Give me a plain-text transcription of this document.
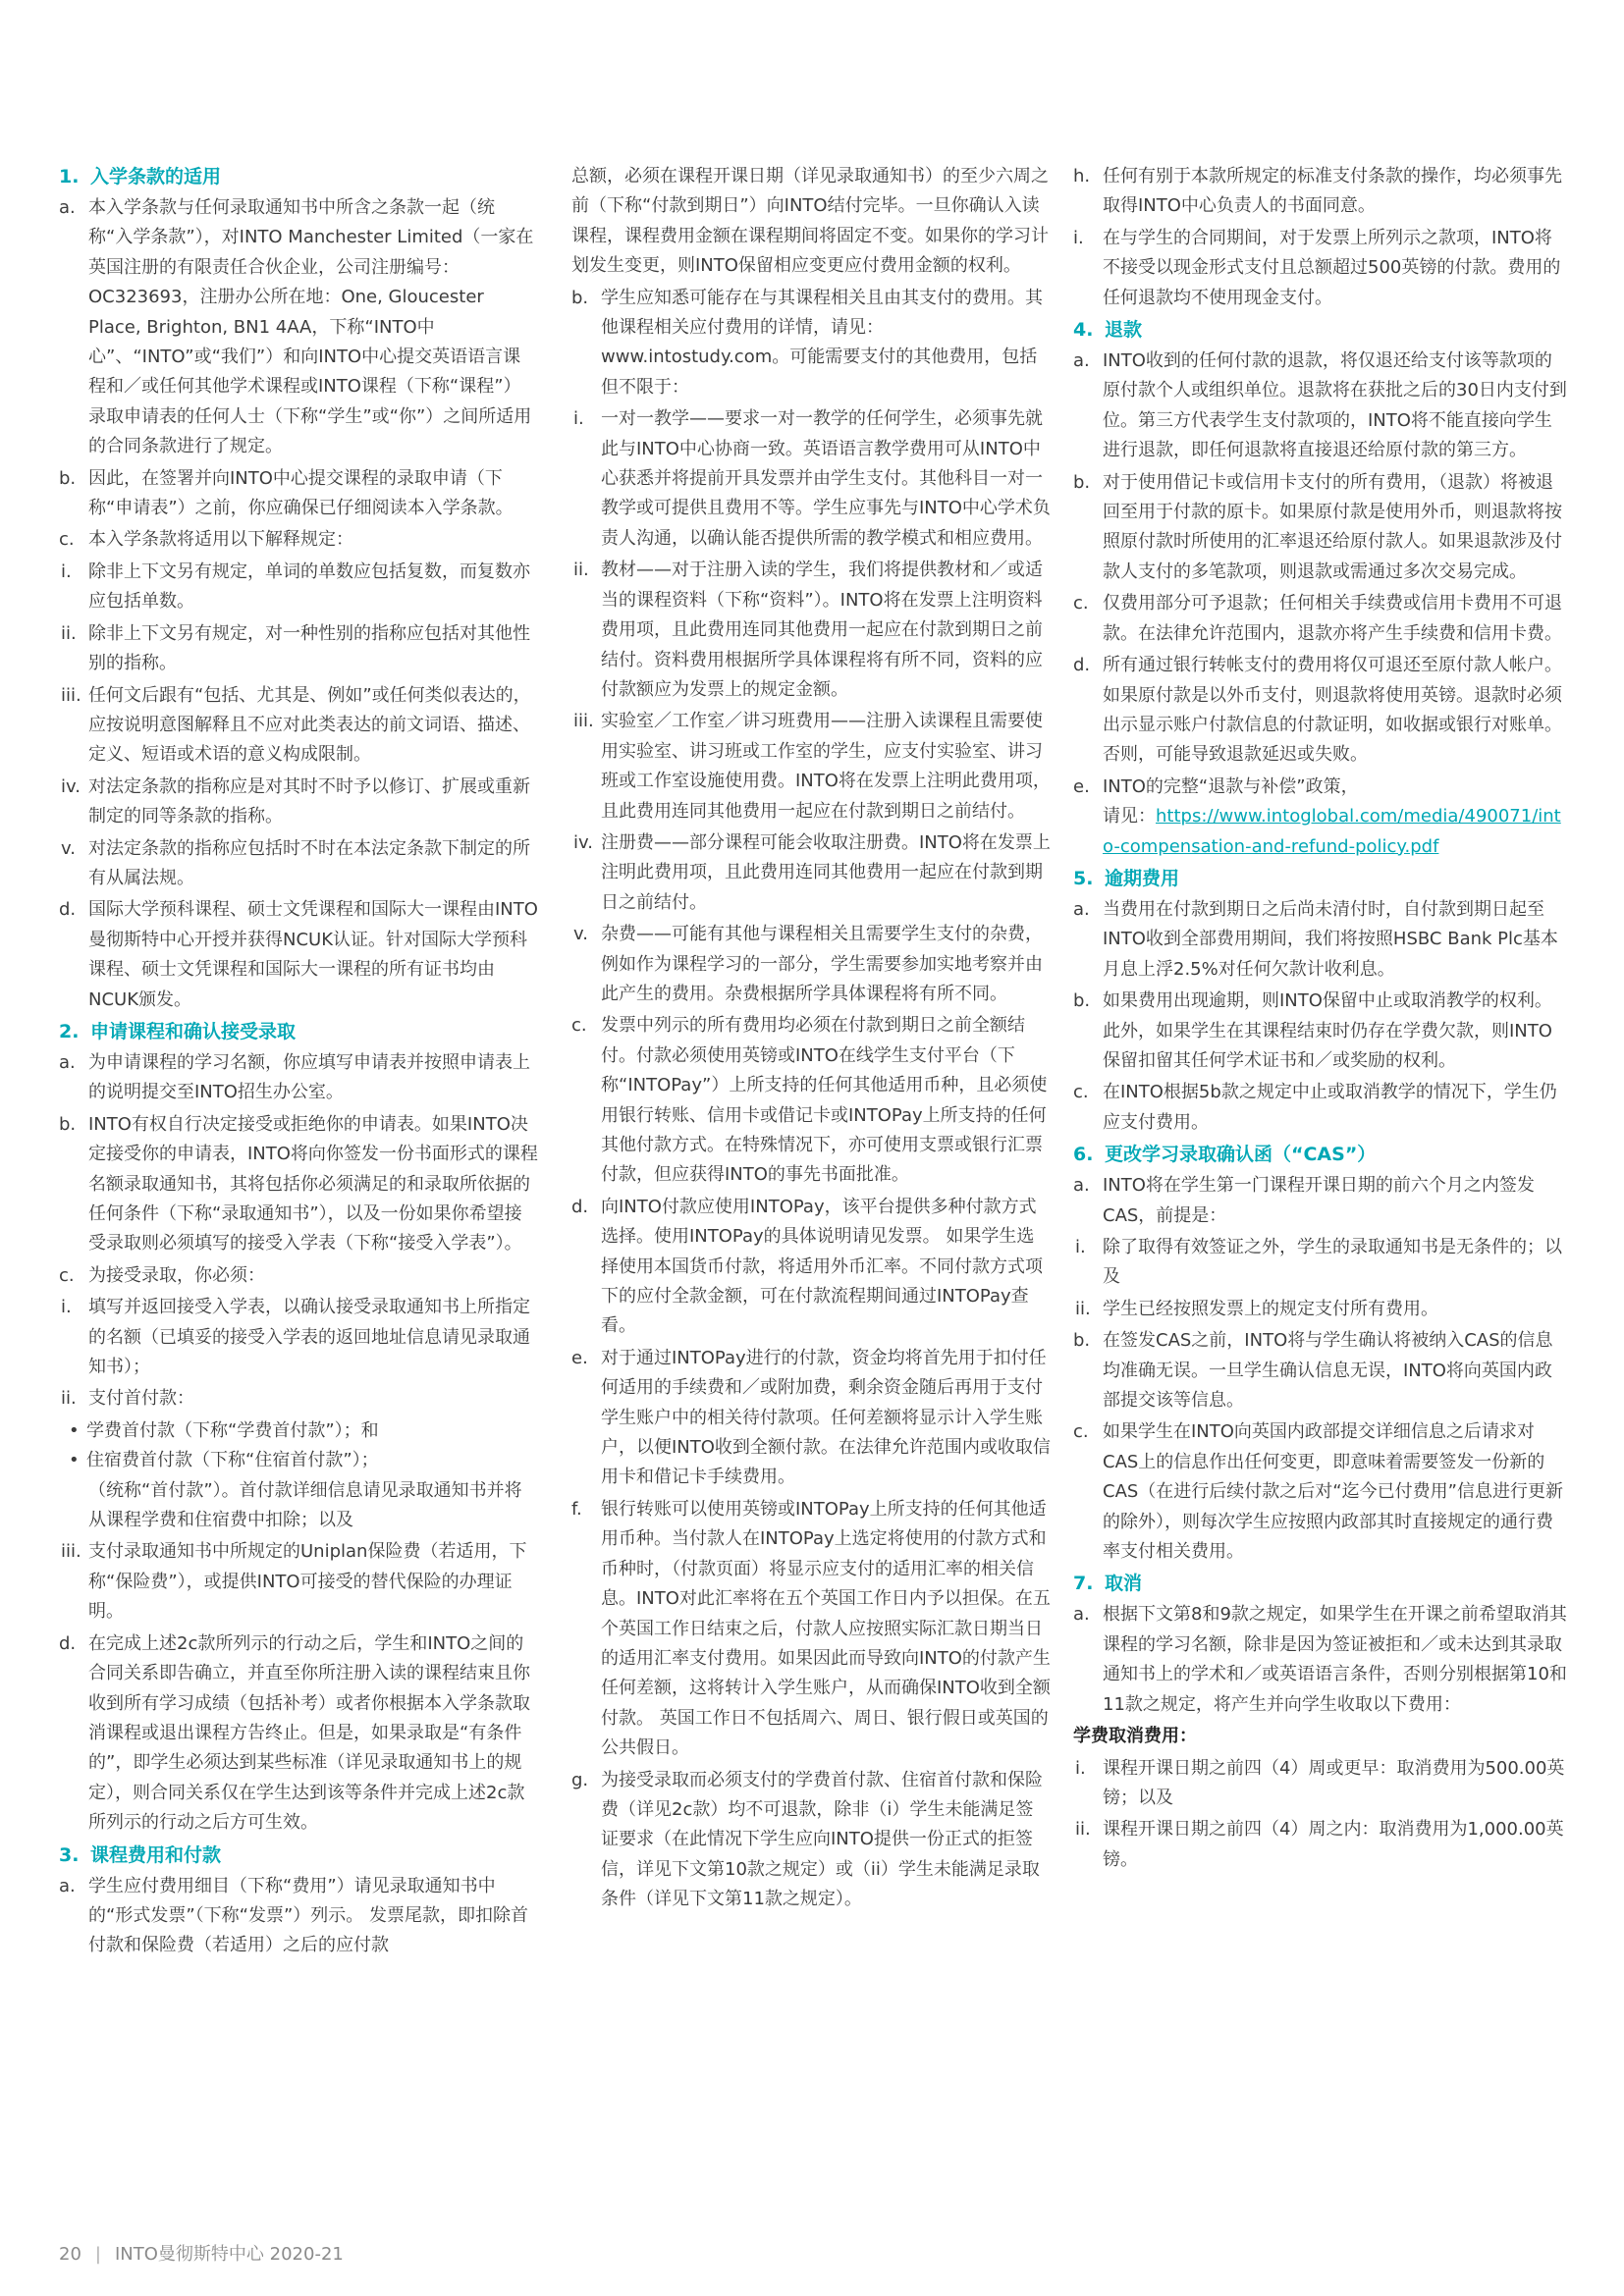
1. 入学条款的适用
a. 本入学条款与任何录取通知书中所含之条款一起（统称“入学条款”），对INTO Manchester Limited（一家在英国注册的有限责任合伙企业，公司注册编号：OC323693，注册办公所在地：One, Gloucester Place, Brighton, BN1 4AA，下称“INTO中心”、“INTO”或“我们”）和向INTO中心提交英语语言课程和／或任何其他学术课程或INTO课程（下称“课程”）录取申请表的任何人士（下称“学生”或“你”）之间所适用的合同条款进行了规定。
b. 因此，在签署并向INTO中心提交课程的录取申请（下称“申请表”）之前，你应确保已仔细阅读本入学条款。
c. 本入学条款将适用以下解释规定：
i. 除非上下文另有规定，单词的单数应包括复数，而复数亦应包括单数。
ii. 除非上下文另有规定，对一种性别的指称应包括对其他性别的指称。
iii. 任何文后跟有“包括、尤其是、例如”或任何类似表达的，应按说明意图解释且不应对此类表达的前文词语、描述、定义、短语或术语的意义构成限制。
iv. 对法定条款的指称应是对其时不时予以修订、扩展或重新制定的同等条款的指称。
v. 对法定条款的指称应包括时不时在本法定条款下制定的所有从属法规。
d. 国际大学预科课程、硕士文凭课程和国际大一课程由INTO曼彻斯特中心开授并获得NCUK认证。针对国际大学预科课程、硕士文凭课程和国际大一课程的所有证书均由NCUK颁发。
2. 申请课程和确认接受录取
a. 为申请课程的学习名额，你应填写申请表并按照申请表上的说明提交至INTO招生办公室。
b. INTO有权自行决定接受或拒绝你的申请表。如果INTO决定接受你的申请表，INTO将向你签发一份书面形式的课程名额录取通知书，其将包括你必须满足的和录取所依据的任何条件（下称“录取通知书”），以及一份如果你希望接受录取则必须填写的接受入学表（下称“接受入学表”）。
c. 为接受录取，你必须：
i. 填写并返回接受入学表，以确认接受录取通知书上所指定的名额（已填妥的接受入学表的返回地址信息请见录取通知书）；
ii. 支付首付款：
• 学费首付款（下称“学费首付款”）；和
• 住宿费首付款（下称“住宿首付款”）；
（统称“首付款”）。首付款详细信息请见录取通知书并将从课程学费和住宿费中扣除；以及
iii. 支付录取通知书中所规定的Uniplan保险费（若适用，下称“保险费”），或提供INTO可接受的替代保险的办理证明。
d. 在完成上述2c款所列示的行动之后，学生和INTO之间的合同关系即告确立，并直至你所注册入读的课程结束且你收到所有学习成绩（包括补考）或者你根据本入学条款取消课程或退出课程方告终止。但是，如果录取是“有条件的”，即学生必须达到某些标准（详见录取通知书上的规定），则合同关系仅在学生达到该等条件并完成上述2c款所列示的行动之后方可生效。
3. 课程费用和付款
a. 学生应付费用细目（下称“费用”）请见录取通知书中的“形式发票”（下称“发票”）列示。 发票尾款，即扣除首付款和保险费（若适用）之后的应付款
总额，必须在课程开课日期（详见录取通知书）的至少六周之前（下称“付款到期日”）向INTO结付完毕。一旦你确认入读课程，课程费用金额在课程期间将固定不变。如果你的学习计划发生变更，则INTO保留相应变更应付费用金额的权利。
b. 学生应知悉可能存在与其课程相关且由其支付的费用。其他课程相关应付费用的详情，请见：www.intostudy.com。可能需要支付的其他费用，包括但不限于：
i. 一对一教学——要求一对一教学的任何学生，必须事先就此与INTO中心协商一致。英语语言教学费用可从INTO中心获悉并将提前开具发票并由学生支付。其他科目一对一教学或可提供且费用不等。学生应事先与INTO中心学术负责人沟通，以确认能否提供所需的教学模式和相应费用。
ii. 教材——对于注册入读的学生，我们将提供教材和／或适当的课程资料（下称“资料”）。INTO将在发票上注明资料费用项，且此费用连同其他费用一起应在付款到期日之前结付。资料费用根据所学具体课程将有所不同，资料的应付款额应为发票上的规定金额。
iii. 实验室／工作室／讲习班费用——注册入读课程且需要使用实验室、讲习班或工作室的学生，应支付实验室、讲习班或工作室设施使用费。INTO将在发票上注明此费用项，且此费用连同其他费用一起应在付款到期日之前结付。
iv. 注册费——部分课程可能会收取注册费。INTO将在发票上注明此费用项，且此费用连同其他费用一起应在付款到期日之前结付。
v. 杂费——可能有其他与课程相关且需要学生支付的杂费，例如作为课程学习的一部分，学生需要参加实地考察并由此产生的费用。杂费根据所学具体课程将有所不同。
c. 发票中列示的所有费用均必须在付款到期日之前全额结付。付款必须使用英镑或INTO在线学生支付平台（下称“INTOPay”）上所支持的任何其他适用币种，且必须使用银行转账、信用卡或借记卡或INTOPay上所支持的任何其他付款方式。在特殊情况下，亦可使用支票或银行汇票付款，但应获得INTO的事先书面批准。
d. 向INTO付款应使用INTOPay，该平台提供多种付款方式选择。使用INTOPay的具体说明请见发票。 如果学生选择使用本国货币付款，将适用外币汇率。不同付款方式项下的应付全款金额，可在付款流程期间通过INTOPay查看。
e. 对于通过INTOPay进行的付款，资金均将首先用于扣付任何适用的手续费和／或附加费，剩余资金随后再用于支付学生账户中的相关待付款项。任何差额将显示计入学生账户，以便INTO收到全额付款。在法律允许范围内或收取信用卡和借记卡手续费用。
f. 银行转账可以使用英镑或INTOPay上所支持的任何其他适用币种。当付款人在INTOPay上选定将使用的付款方式和币种时，（付款页面）将显示应支付的适用汇率的相关信息。INTO对此汇率将在五个英国工作日内予以担保。在五个英国工作日结束之后，付款人应按照实际汇款日期当日的适用汇率支付费用。如果因此而导致向INTO的付款产生任何差额，这将转计入学生账户，从而确保INTO收到全额付款。 英国工作日不包括周六、周日、银行假日或英国的公共假日。
g. 为接受录取而必须支付的学费首付款、住宿首付款和保险费（详见2c款）均不可退款，除非（i）学生未能满足签证要求（在此情况下学生应向INTO提供一份正式的拒签信，详见下文第10款之规定）或（ii）学生未能满足录取条件（详见下文第11款之规定）。
h. 任何有别于本款所规定的标准支付条款的操作，均必须事先取得INTO中心负责人的书面同意。
i. 在与学生的合同期间，对于发票上所列示之款项，INTO将不接受以现金形式支付且总额超过500英镑的付款。费用的任何退款均不使用现金支付。
4. 退款
a. INTO收到的任何付款的退款，将仅退还给支付该等款项的原付款个人或组织单位。退款将在获批之后的30日内支付到位。第三方代表学生支付款项的，INTO将不能直接向学生进行退款，即任何退款将直接退还给原付款的第三方。
b. 对于使用借记卡或信用卡支付的所有费用，（退款）将被退回至用于付款的原卡。如果原付款是使用外币，则退款将按照原付款时所使用的汇率退还给原付款人。如果退款涉及付款人支付的多笔款项，则退款或需通过多次交易完成。
c. 仅费用部分可予退款；任何相关手续费或信用卡费用不可退款。在法律允许范围内，退款亦将产生手续费和信用卡费。
d. 所有通过银行转帐支付的费用将仅可退还至原付款人帐户。如果原付款是以外币支付，则退款将使用英镑。退款时必须出示显示账户付款信息的付款证明，如收据或银行对账单。否则，可能导致退款延迟或失败。
e. INTO的完整“退款与补偿”政策，
请见：https://www.intoglobal.com/media/490071/into-compensation-and-refund-policy.pdf
5. 逾期费用
a. 当费用在付款到期日之后尚未清付时，自付款到期日起至INTO收到全部费用期间，我们将按照HSBC Bank Plc基本月息上浮2.5%对任何欠款计收利息。
b. 如果费用出现逾期，则INTO保留中止或取消教学的权利。此外，如果学生在其课程结束时仍存在学费欠款，则INTO保留扣留其任何学术证书和／或奖励的权利。
c. 在INTO根据5b款之规定中止或取消教学的情况下，学生仍应支付费用。
6. 更改学习录取确认函（“CAS”）
a. INTO将在学生第一门课程开课日期的前六个月之内签发CAS，前提是：
i. 除了取得有效签证之外，学生的录取通知书是无条件的；以及
ii. 学生已经按照发票上的规定支付所有费用。
b. 在签发CAS之前，INTO将与学生确认将被纳入CAS的信息均准确无误。一旦学生确认信息无误，INTO将向英国内政部提交该等信息。
c. 如果学生在INTO向英国内政部提交详细信息之后请求对CAS上的信息作出任何变更，即意味着需要签发一份新的CAS（在进行后续付款之后对“迄今已付费用”信息进行更新的除外），则每次学生应按照内政部其时直接规定的通行费率支付相关费用。
7. 取消
a. 根据下文第8和9款之规定，如果学生在开课之前希望取消其课程的学习名额，除非是因为签证被拒和／或未达到其录取通知书上的学术和／或英语语言条件，否则分别根据第10和11款之规定，将产生并向学生收取以下费用：
学费取消费用：
i. 课程开课日期之前四（4）周或更早：取消费用为500.00英镑；以及
ii. 课程开课日期之前四（4）周之内：取消费用为1,000.00英镑。
20 | INTO曼彻斯特中心 2020-21
